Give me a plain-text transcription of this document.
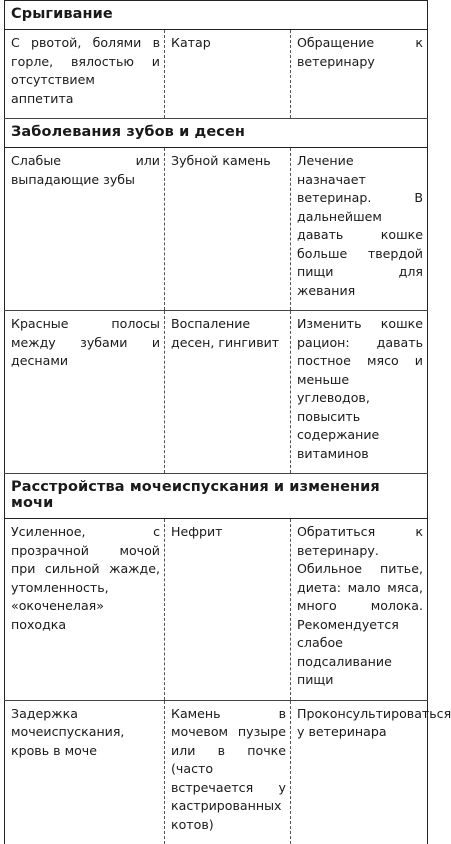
Срыгивание		

С рвотой, болями в горле, вялостью и отсутствием аппетита	Катар	Обращение к ветеринару

Заболевания зубов и десен		

Слабые или выпадающие зубы	Зубной камень	Лечение назначает ветеринар. В дальнейшем давать кошке больше твердой пищи для жевания

Красные полосы между зубами и деснами	Воспаление десен, гингивит	Изменить кошке рацион: давать постное мясо и меньше углеводов, повысить содержание витаминов

Расстройства мочеиспускания и изменения мочи		

Усиленное, с прозрачной мочой при сильной жажде, утомленность, «окоченелая» походка	Нефрит	Обратиться к ветеринару. Обильное питье, диета: мало мяса, много молока. Рекомендуется слабое подсаливание пищи

Задержка мочеиспускания, кровь в моче	Камень в мочевом пузыре или в почке (часто встречается у кастрированных котов)	Проконсультироваться у ветеринара
